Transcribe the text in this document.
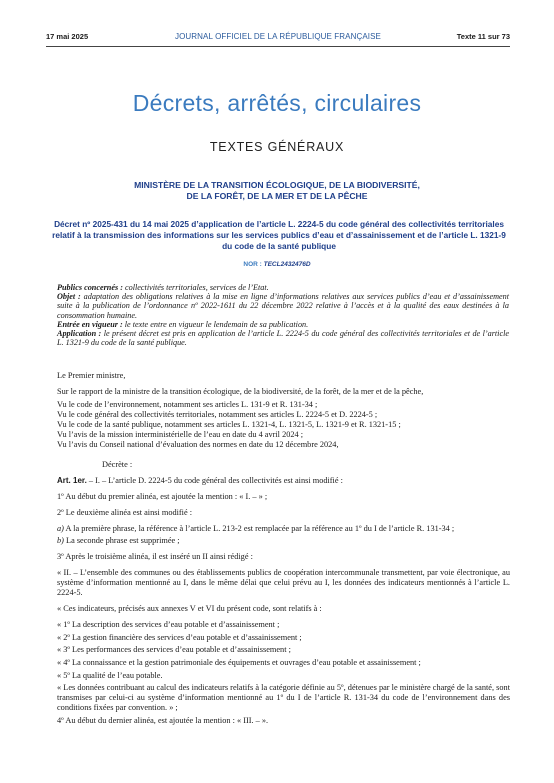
17 mai 2025	JOURNAL OFFICIEL DE LA RÉPUBLIQUE FRANÇAISE	Texte 11 sur 73
Décrets, arrêtés, circulaires
TEXTES GÉNÉRAUX
MINISTÈRE DE LA TRANSITION ÉCOLOGIQUE, DE LA BIODIVERSITÉ,
DE LA FORÊT, DE LA MER ET DE LA PÊCHE
Décret nº 2025-431 du 14 mai 2025 d’application de l’article L. 2224-5 du code général des collectivités territoriales relatif à la transmission des informations sur les services publics d’eau et d’assainissement et de l’article L. 1321-9 du code de la santé publique
NOR : TECL2432476D

Publics concernés : collectivités territoriales, services de l’Etat.

Objet : adaptation des obligations relatives à la mise en ligne d’informations relatives aux services publics d’eau et d’assainissement suite à la publication de l’ordonnance nº 2022-1611 du 22 décembre 2022 relative à l’accès et à la qualité des eaux destinées à la consommation humaine.

Entrée en vigueur : le texte entre en vigueur le lendemain de sa publication.

Application : le présent décret est pris en application de l’article L. 2224-5 du code général des collectivités territoriales et de l’article L. 1321-9 du code de la santé publique.

Le Premier ministre,

Sur le rapport de la ministre de la transition écologique, de la biodiversité, de la forêt, de la mer et de la pêche,

Vu le code de l’environnement, notamment ses articles L. 131-9 et R. 131-34 ;

Vu le code général des collectivités territoriales, notamment ses articles L. 2224-5 et D. 2224-5 ;

Vu le code de la santé publique, notamment ses articles L. 1321-4, L. 1321-5, L. 1321-9 et R. 1321-15 ;

Vu l’avis de la mission interministérielle de l’eau en date du 4 avril 2024 ;

Vu l’avis du Conseil national d’évaluation des normes en date du 12 décembre 2024,

Décrète :

Art. 1er. – I. – L’article D. 2224-5 du code général des collectivités est ainsi modifié :

1º Au début du premier alinéa, est ajoutée la mention : « I. – » ;

2º Le deuxième alinéa est ainsi modifié :

a) A la première phrase, la référence à l’article L. 213-2 est remplacée par la référence au 1º du I de l’article R. 131-34 ;

b) La seconde phrase est supprimée ;

3º Après le troisième alinéa, il est inséré un II ainsi rédigé :

« II. – L’ensemble des communes ou des établissements publics de coopération intercommunale transmettent, par voie électronique, au système d’information mentionné au I, dans le même délai que celui prévu au I, les données des indicateurs mentionnés à l’article L. 2224-5.

« Ces indicateurs, précisés aux annexes V et VI du présent code, sont relatifs à :

« 1º La description des services d’eau potable et d’assainissement ;

« 2º La gestion financière des services d’eau potable et d’assainissement ;

« 3º Les performances des services d’eau potable et d’assainissement ;

« 4º La connaissance et la gestion patrimoniale des équipements et ouvrages d’eau potable et assainissement ;

« 5º La qualité de l’eau potable.

« Les données contribuant au calcul des indicateurs relatifs à la catégorie définie au 5º, détenues par le ministère chargé de la santé, sont transmises par celui-ci au système d’information mentionné au 1º du I de l’article R. 131-34 du code de l’environnement dans des conditions fixées par convention. » ;

4º Au début du dernier alinéa, est ajoutée la mention : « III. – ».
